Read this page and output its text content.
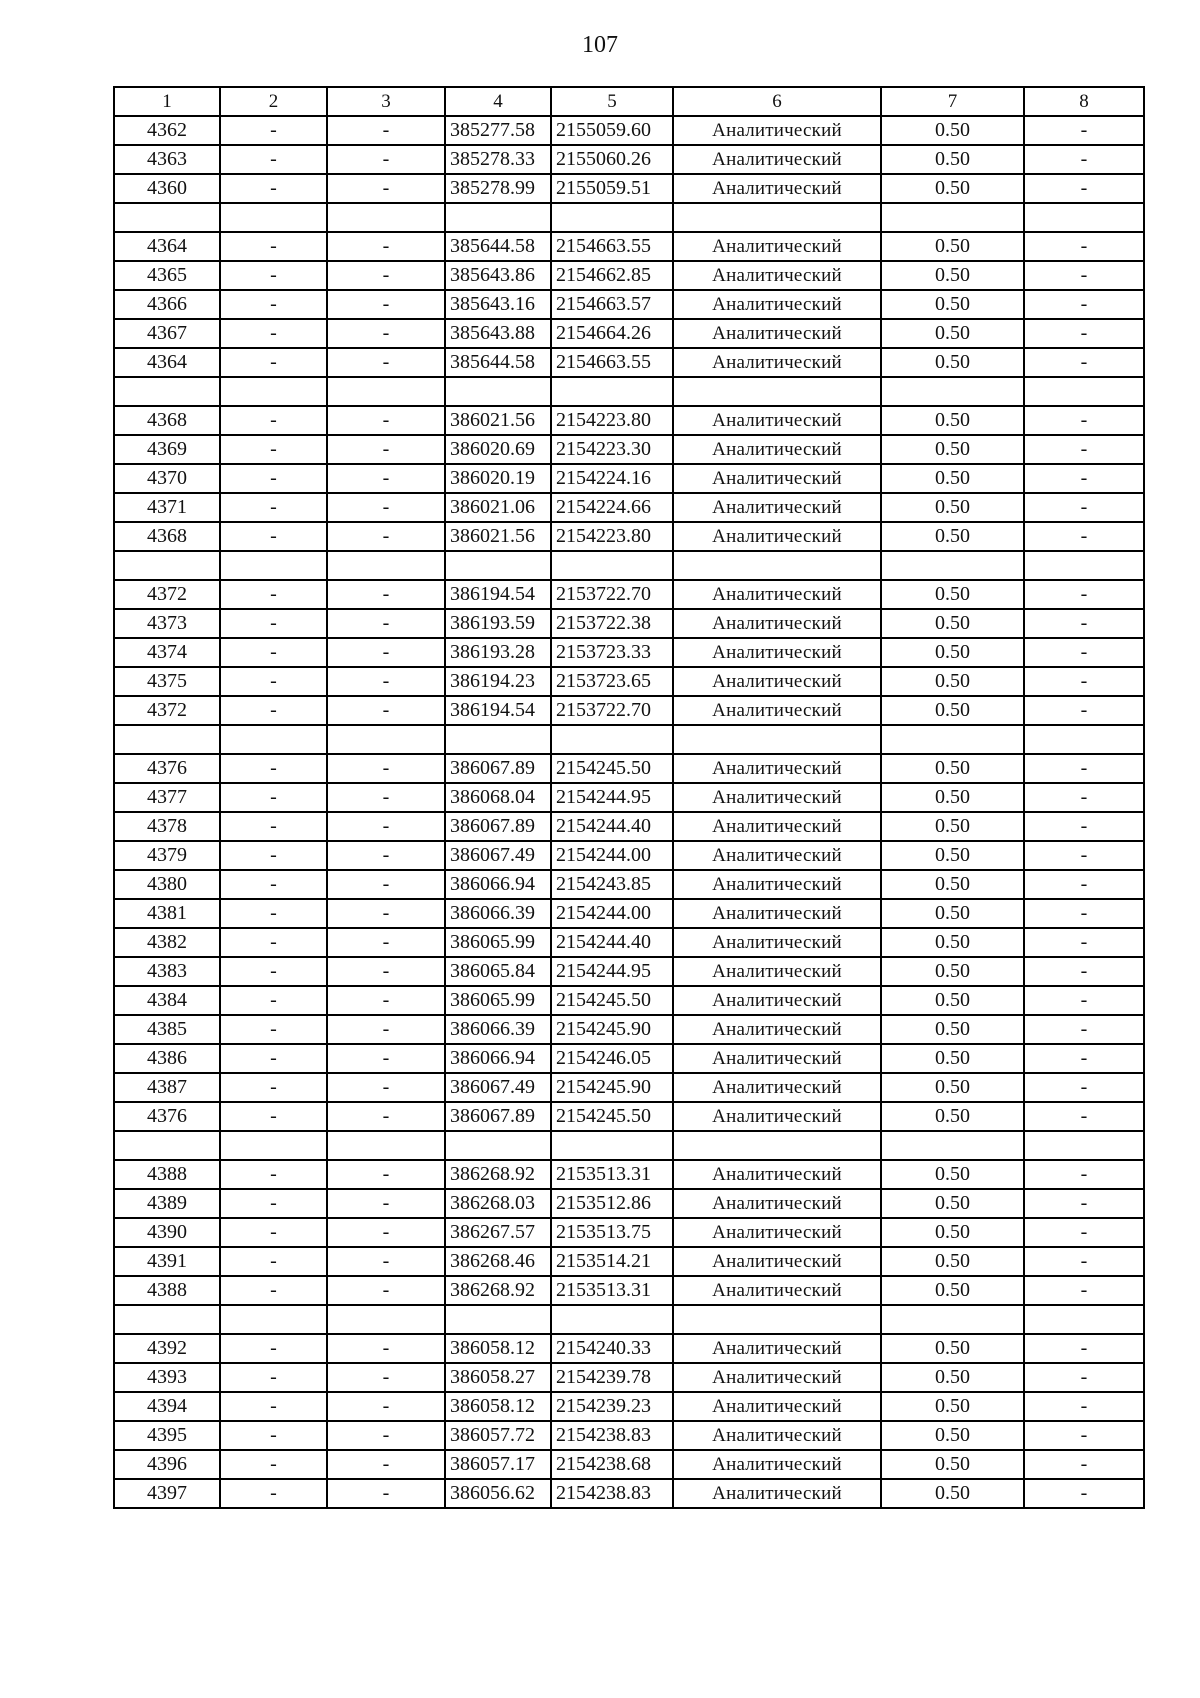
107
1	2	3	4	5	6	7	8
4362	-	-	385277.58	2155059.60	Аналитический	0.50	-
4363	-	-	385278.33	2155060.26	Аналитический	0.50	-
4360	-	-	385278.99	2155059.51	Аналитический	0.50	-

4364	-	-	385644.58	2154663.55	Аналитический	0.50	-
4365	-	-	385643.86	2154662.85	Аналитический	0.50	-
4366	-	-	385643.16	2154663.57	Аналитический	0.50	-
4367	-	-	385643.88	2154664.26	Аналитический	0.50	-
4364	-	-	385644.58	2154663.55	Аналитический	0.50	-

4368	-	-	386021.56	2154223.80	Аналитический	0.50	-
4369	-	-	386020.69	2154223.30	Аналитический	0.50	-
4370	-	-	386020.19	2154224.16	Аналитический	0.50	-
4371	-	-	386021.06	2154224.66	Аналитический	0.50	-
4368	-	-	386021.56	2154223.80	Аналитический	0.50	-

4372	-	-	386194.54	2153722.70	Аналитический	0.50	-
4373	-	-	386193.59	2153722.38	Аналитический	0.50	-
4374	-	-	386193.28	2153723.33	Аналитический	0.50	-
4375	-	-	386194.23	2153723.65	Аналитический	0.50	-
4372	-	-	386194.54	2153722.70	Аналитический	0.50	-

4376	-	-	386067.89	2154245.50	Аналитический	0.50	-
4377	-	-	386068.04	2154244.95	Аналитический	0.50	-
4378	-	-	386067.89	2154244.40	Аналитический	0.50	-
4379	-	-	386067.49	2154244.00	Аналитический	0.50	-
4380	-	-	386066.94	2154243.85	Аналитический	0.50	-
4381	-	-	386066.39	2154244.00	Аналитический	0.50	-
4382	-	-	386065.99	2154244.40	Аналитический	0.50	-
4383	-	-	386065.84	2154244.95	Аналитический	0.50	-
4384	-	-	386065.99	2154245.50	Аналитический	0.50	-
4385	-	-	386066.39	2154245.90	Аналитический	0.50	-
4386	-	-	386066.94	2154246.05	Аналитический	0.50	-
4387	-	-	386067.49	2154245.90	Аналитический	0.50	-
4376	-	-	386067.89	2154245.50	Аналитический	0.50	-

4388	-	-	386268.92	2153513.31	Аналитический	0.50	-
4389	-	-	386268.03	2153512.86	Аналитический	0.50	-
4390	-	-	386267.57	2153513.75	Аналитический	0.50	-
4391	-	-	386268.46	2153514.21	Аналитический	0.50	-
4388	-	-	386268.92	2153513.31	Аналитический	0.50	-

4392	-	-	386058.12	2154240.33	Аналитический	0.50	-
4393	-	-	386058.27	2154239.78	Аналитический	0.50	-
4394	-	-	386058.12	2154239.23	Аналитический	0.50	-
4395	-	-	386057.72	2154238.83	Аналитический	0.50	-
4396	-	-	386057.17	2154238.68	Аналитический	0.50	-
4397	-	-	386056.62	2154238.83	Аналитический	0.50	-
